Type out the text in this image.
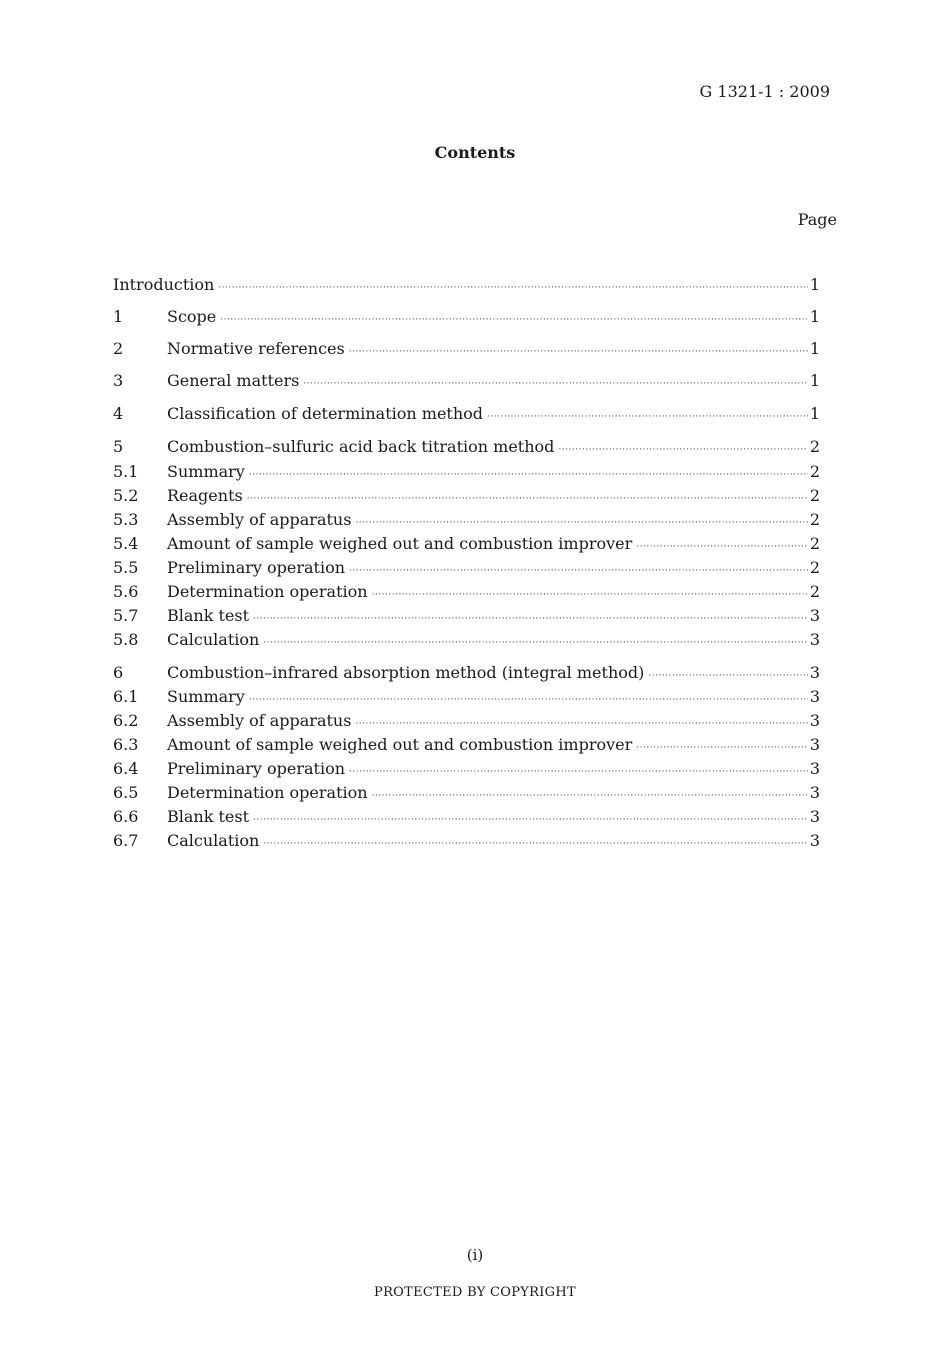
G 1321-1 : 2009
Contents
Page
Introduction ·····	1
1	Scope ·····	1
2	Normative references ·····	1
3	General matters ·····	1
4	Classification of determination method ·····	1
5	Combustion–sulfuric acid back titration method ·····	2
5.1	Summary ·····	2
5.2	Reagents ·····	2
5.3	Assembly of apparatus ·····	2
5.4	Amount of sample weighed out and combustion improver ·····	2
5.5	Preliminary operation ·····	2
5.6	Determination operation ·····	2
5.7	Blank test ·····	3
5.8	Calculation ·····	3
6	Combustion–infrared absorption method (integral method) ·····	3
6.1	Summary ·····	3
6.2	Assembly of apparatus ·····	3
6.3	Amount of sample weighed out and combustion improver ·····	3
6.4	Preliminary operation ·····	3
6.5	Determination operation ·····	3
6.6	Blank test ·····	3
6.7	Calculation ·····	3
(i)
PROTECTED BY COPYRIGHT
